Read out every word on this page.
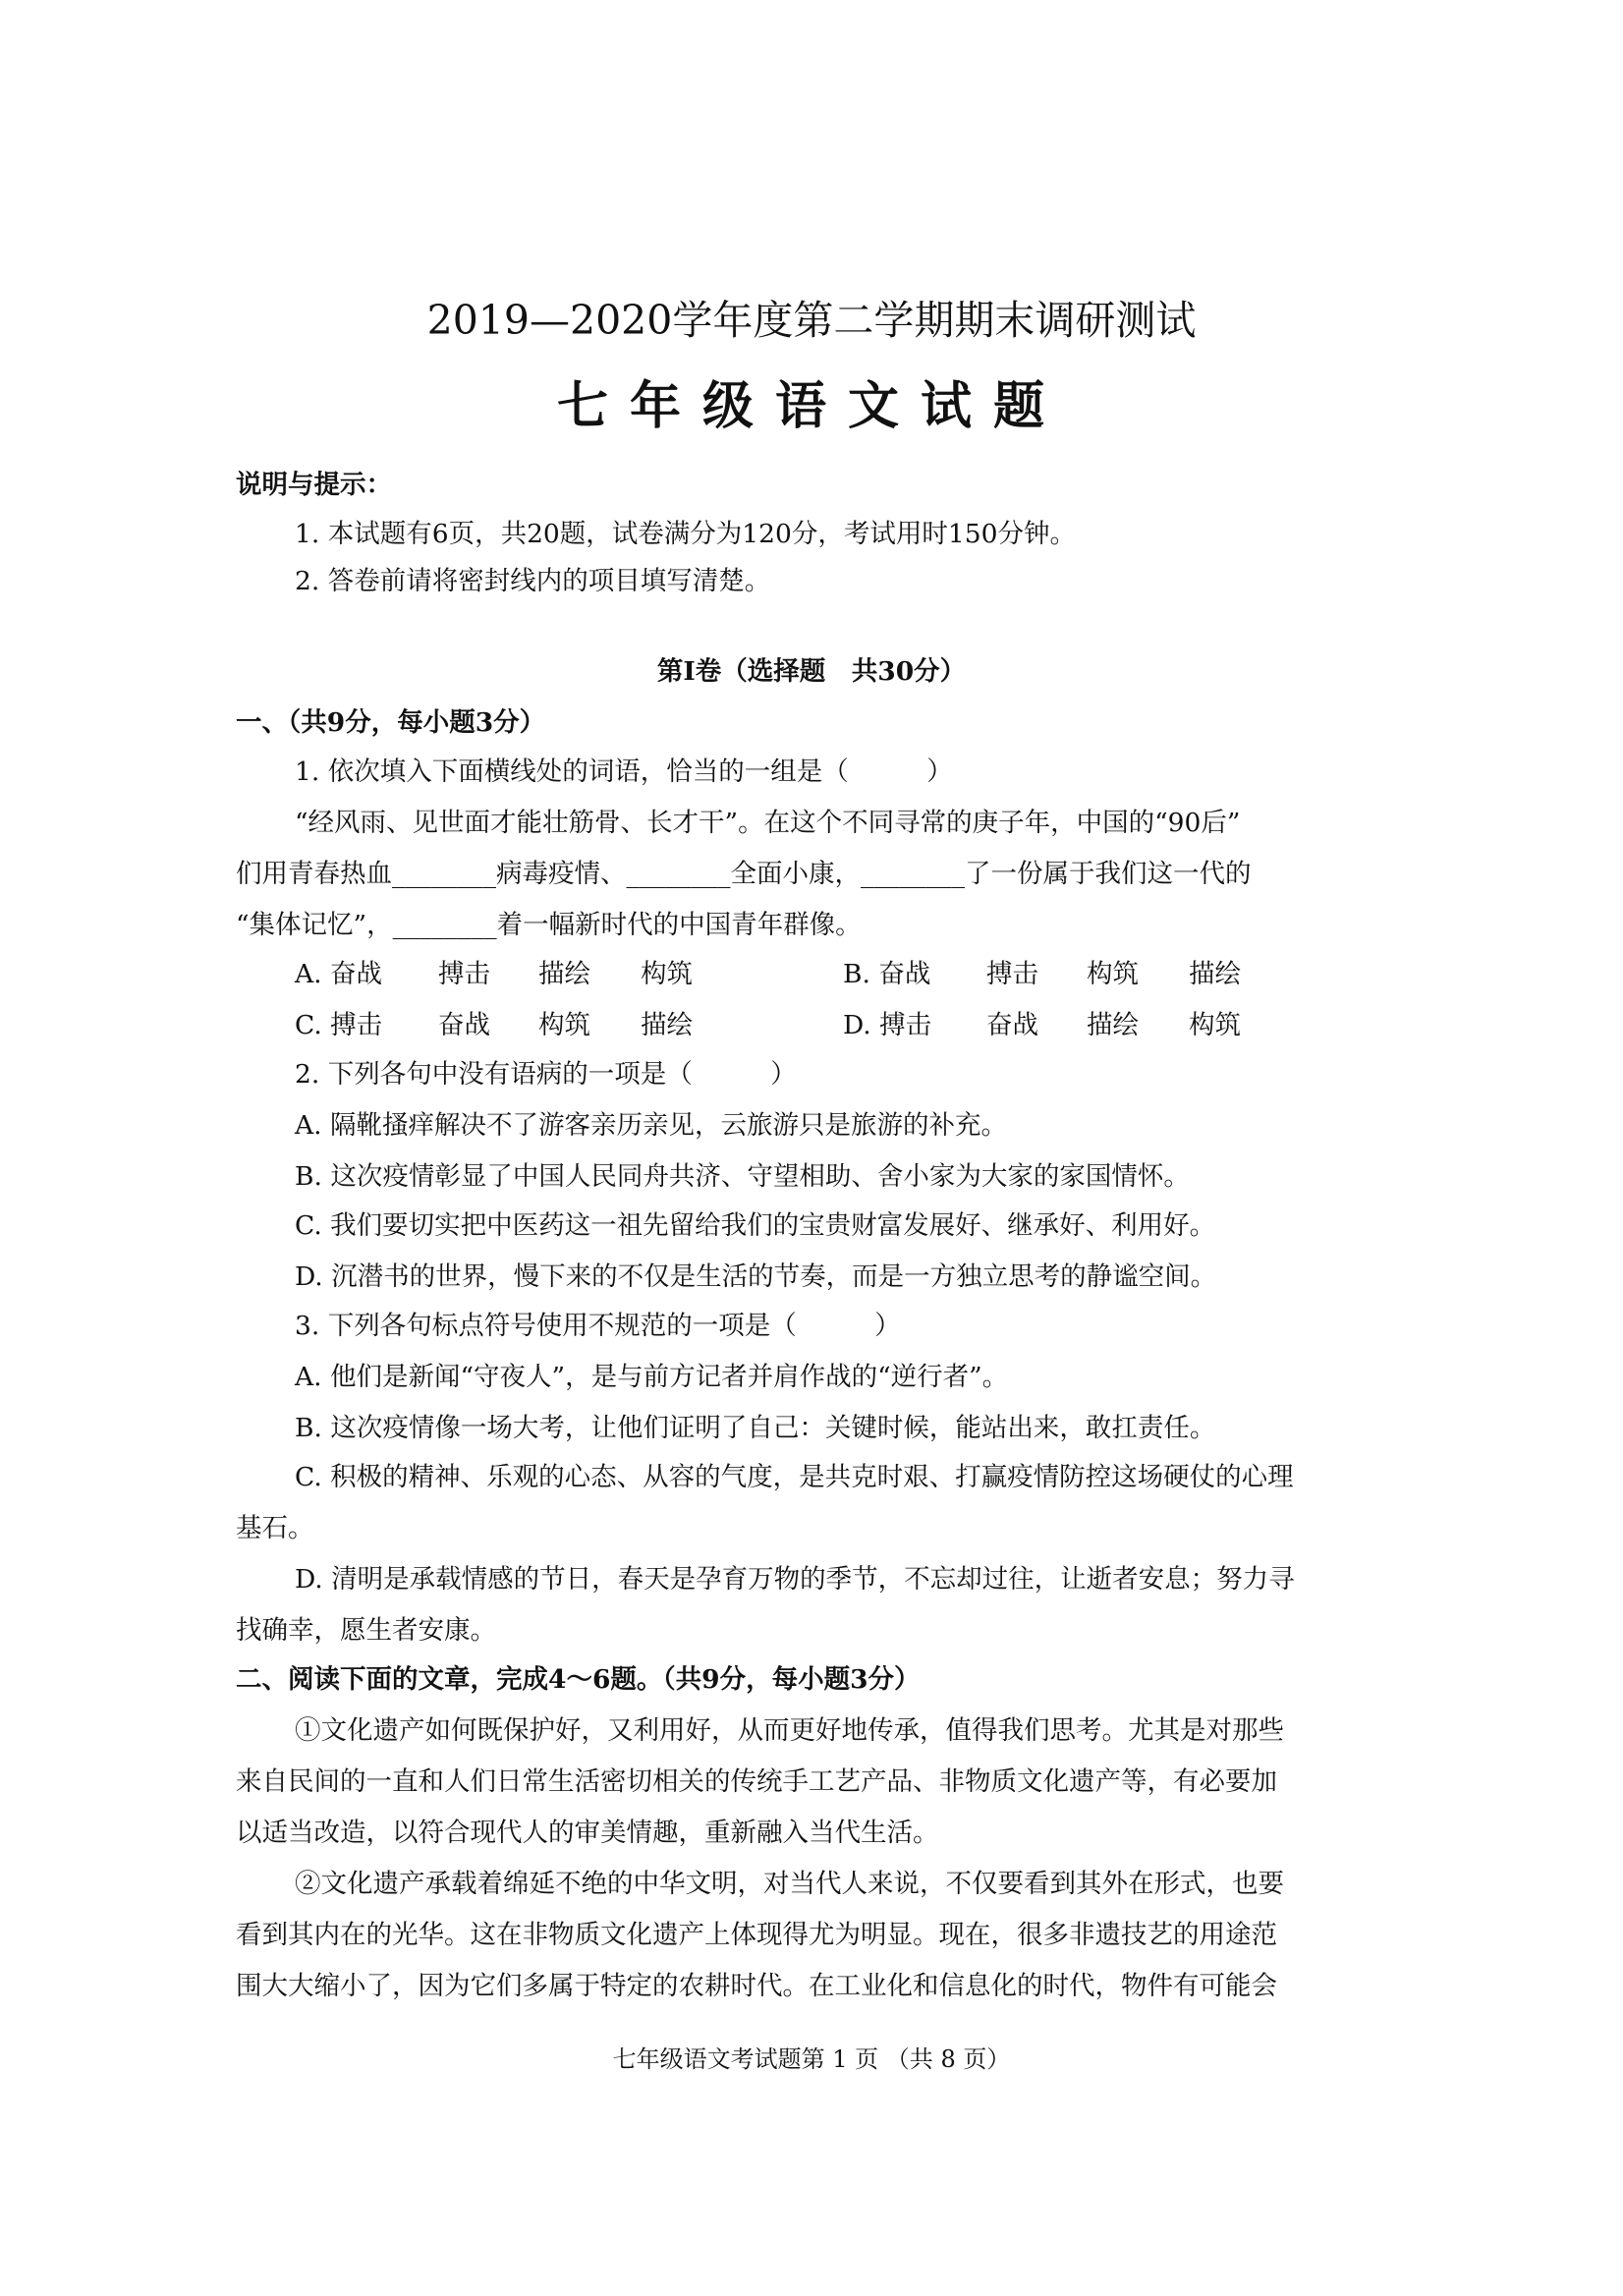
2019—2020学年度第二学期期末调研测试
七年级语文试题
说明与提示：
1. 本试题有6页，共20题，试卷满分为120分，考试用时150分钟。
2. 答卷前请将密封线内的项目填写清楚。
第Ⅰ卷（选择题　共30分）
一、（共9分，每小题3分）
1. 依次填入下面横线处的词语，恰当的一组是（　　　）
“经风雨、见世面才能壮筋骨、长才干”。在这个不同寻常的庚子年，中国的“90后”
们用青春热血________病毒疫情、________全面小康，________了一份属于我们这一代的
“集体记忆”，________着一幅新时代的中国青年群像。
A. 奋战 搏击 描绘 构筑	B. 奋战 搏击 构筑 描绘
C. 搏击 奋战 构筑 描绘	D. 搏击 奋战 描绘 构筑
2. 下列各句中没有语病的一项是（　　　）
A. 隔靴搔痒解决不了游客亲历亲见，云旅游只是旅游的补充。
B. 这次疫情彰显了中国人民同舟共济、守望相助、舍小家为大家的家国情怀。
C. 我们要切实把中医药这一祖先留给我们的宝贵财富发展好、继承好、利用好。
D. 沉潜书的世界，慢下来的不仅是生活的节奏，而是一方独立思考的静谧空间。
3. 下列各句标点符号使用不规范的一项是（　　　）
A. 他们是新闻“守夜人”，是与前方记者并肩作战的“逆行者”。
B. 这次疫情像一场大考，让他们证明了自己：关键时候，能站出来，敢扛责任。
C. 积极的精神、乐观的心态、从容的气度，是共克时艰、打赢疫情防控这场硬仗的心理
基石。
D. 清明是承载情感的节日，春天是孕育万物的季节，不忘却过往，让逝者安息；努力寻
找确幸，愿生者安康。
二、阅读下面的文章，完成4～6题。（共9分，每小题3分）
①文化遗产如何既保护好，又利用好，从而更好地传承，值得我们思考。尤其是对那些
来自民间的一直和人们日常生活密切相关的传统手工艺产品、非物质文化遗产等，有必要加
以适当改造，以符合现代人的审美情趣，重新融入当代生活。
②文化遗产承载着绵延不绝的中华文明，对当代人来说，不仅要看到其外在形式，也要
看到其内在的光华。这在非物质文化遗产上体现得尤为明显。现在，很多非遗技艺的用途范
围大大缩小了，因为它们多属于特定的农耕时代。在工业化和信息化的时代，物件有可能会
七年级语文考试题第 1 页 （共 8 页）
